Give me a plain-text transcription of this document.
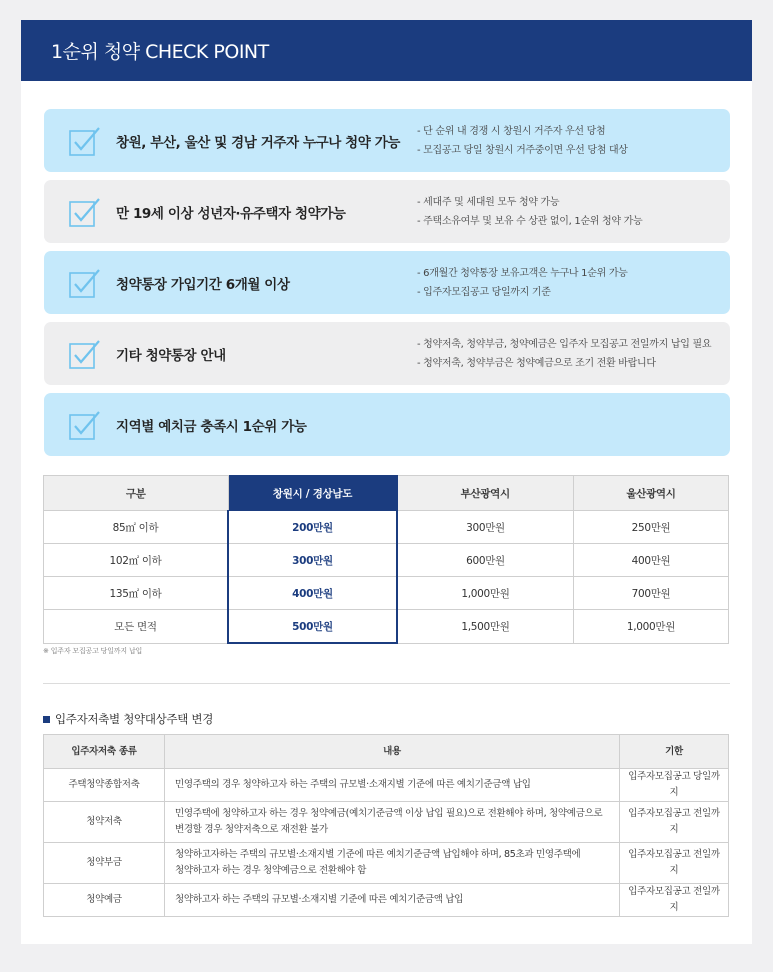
1순위 청약 CHECK POINT
창원, 부산, 울산 및 경남 거주자 누구나 청약 가능
- 단 순위 내 경쟁 시 창원시 거주자 우선 당첨
- 모집공고 당일 창원시 거주중이면 우선 당첨 대상
만 19세 이상 성년자·유주택자 청약가능
- 세대주 및 세대원 모두 청약 가능
- 주택소유여부 및 보유 수 상관 없이, 1순위 청약 가능
청약통장 가입기간 6개월 이상
- 6개월간 청약통장 보유고객은 누구나 1순위 가능
- 입주자모집공고 당일까지 기준
기타 청약통장 안내
- 청약저축, 청약부금, 청약예금은 입주자 모집공고 전일까지 납입 필요
- 청약저축, 청약부금은 청약예금으로 조기 전환 바랍니다
지역별 예치금 충족시 1순위 가능
구분	창원시 / 경상남도	부산광역시	울산광역시
85㎡ 이하	200만원	300만원	250만원
102㎡ 이하	300만원	600만원	400만원
135㎡ 이하	400만원	1,000만원	700만원
모든 면적	500만원	1,500만원	1,000만원
※ 입주자 모집공고 당일까지 납입
입주자저축별 청약대상주택 변경
입주자저축 종류	내용	기한
주택청약종합저축	민영주택의 경우 청약하고자 하는 주택의 규모별·소재지별 기준에 따른 예치기준금액 납입	입주자모집공고 당일까지
청약저축	민영주택에 청약하고자 하는 경우 청약예금(예치기준금액 이상 납입 필요)으로 전환해야 하며, 청약예금으로
변경할 경우 청약저축으로 재전환 불가	입주자모집공고 전일까지
청약부금	청약하고자하는 주택의 규모별·소재지별 기준에 따른 예치기준금액 납입해야 하며, 85초과 민영주택에
청약하고자 하는 경우 청약예금으로 전환해야 함	입주자모집공고 전일까지
청약예금	청약하고자 하는 주택의 규모별·소재지별 기준에 따른 예치기준금액 납입	입주자모집공고 전일까지
